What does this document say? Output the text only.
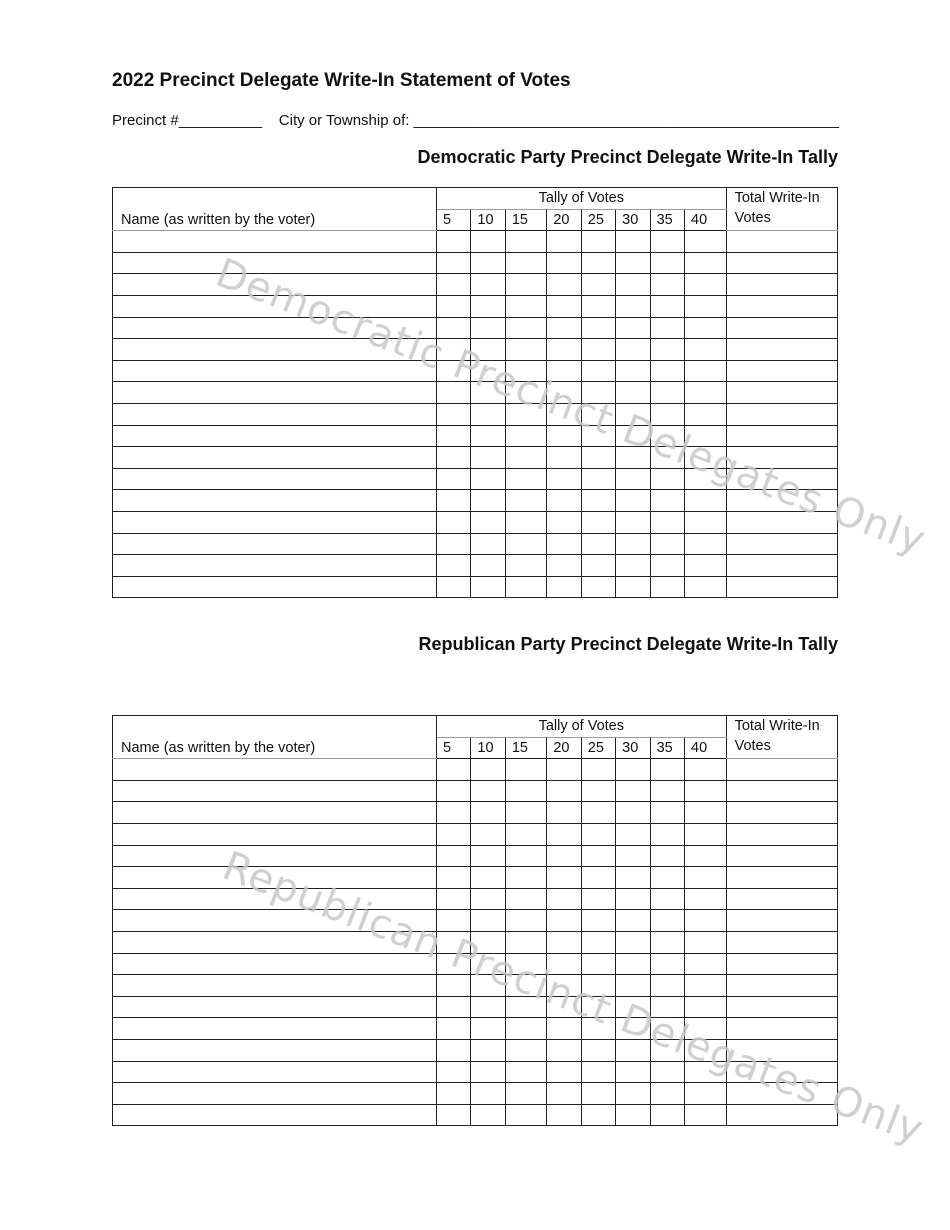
2022 Precinct Delegate Write-In Statement of Votes
Precinct #__________    City or Township of: ___________________________________________________
Democratic Party Precinct Delegate Write-In Tally
Name (as written by the voter)	Tally of Votes								Total Write-In Votes
	5	10	15	20	25	30	35	40	

Democratic Precinct Delegates Only
Republican Party Precinct Delegate Write-In Tally
Name (as written by the voter)	Tally of Votes								Total Write-In Votes
	5	10	15	20	25	30	35	40	

Republican Precinct Delegates Only
